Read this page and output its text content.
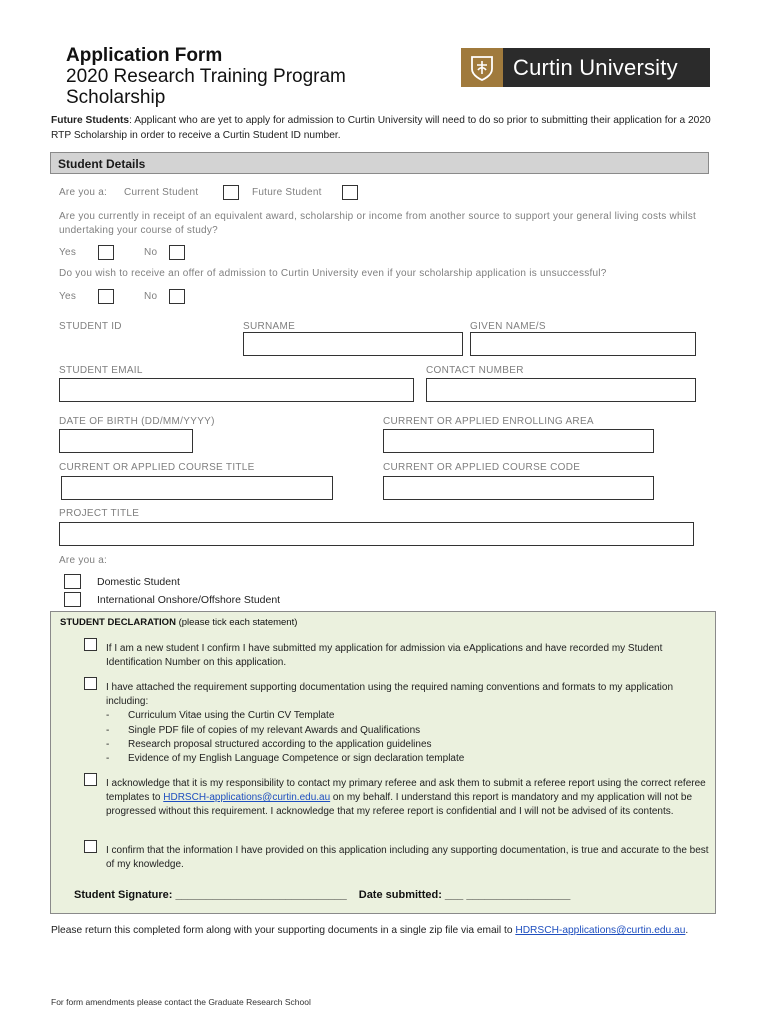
Application Form
2020 Research Training Program
Scholarship
Curtin University
Future Students: Applicant who are yet to apply for admission to Curtin University will need to do so prior to submitting their application for a 2020 RTP Scholarship in order to receive a Curtin Student ID number.
Student Details
Are you a: Current Student	Future Student
Are you currently in receipt of an equivalent award, scholarship or income from another source to support your general living costs whilst undertaking your course of study?
Yes	No
Do you wish to receive an offer of admission to Curtin University even if your scholarship application is unsuccessful?
Yes	No
STUDENT ID	SURNAME	GIVEN NAME/S
STUDENT EMAIL	CONTACT NUMBER
DATE OF BIRTH (DD/MM/YYYY)	CURRENT OR APPLIED ENROLLING AREA
CURRENT OR APPLIED COURSE TITLE	CURRENT OR APPLIED COURSE CODE
PROJECT TITLE
Are you a:
Domestic Student
International Onshore/Offshore Student
STUDENT DECLARATION (please tick each statement)
If I am a new student I confirm I have submitted my application for admission via eApplications and have recorded my Student Identification Number on this application.
I have attached the requirement supporting documentation using the required naming conventions and formats to my application including:
- Curriculum Vitae using the Curtin CV Template
- Single PDF file of copies of my relevant Awards and Qualifications
- Research proposal structured according to the application guidelines
- Evidence of my English Language Competence or sign declaration template
I acknowledge that it is my responsibility to contact my primary referee and ask them to submit a referee report using the correct referee templates to HDRSCH-applications@curtin.edu.au on my behalf. I understand this report is mandatory and my application will not be progressed without this requirement. I acknowledge that my referee report is confidential and I will not be advised of its contents.
I confirm that the information I have provided on this application including any supporting documentation, is true and accurate to the best of my knowledge.
Student Signature: ____________________________ Date submitted: ___ _________________
Please return this completed form along with your supporting documents in a single zip file via email to HDRSCH-applications@curtin.edu.au.
For form amendments please contact the Graduate Research School
